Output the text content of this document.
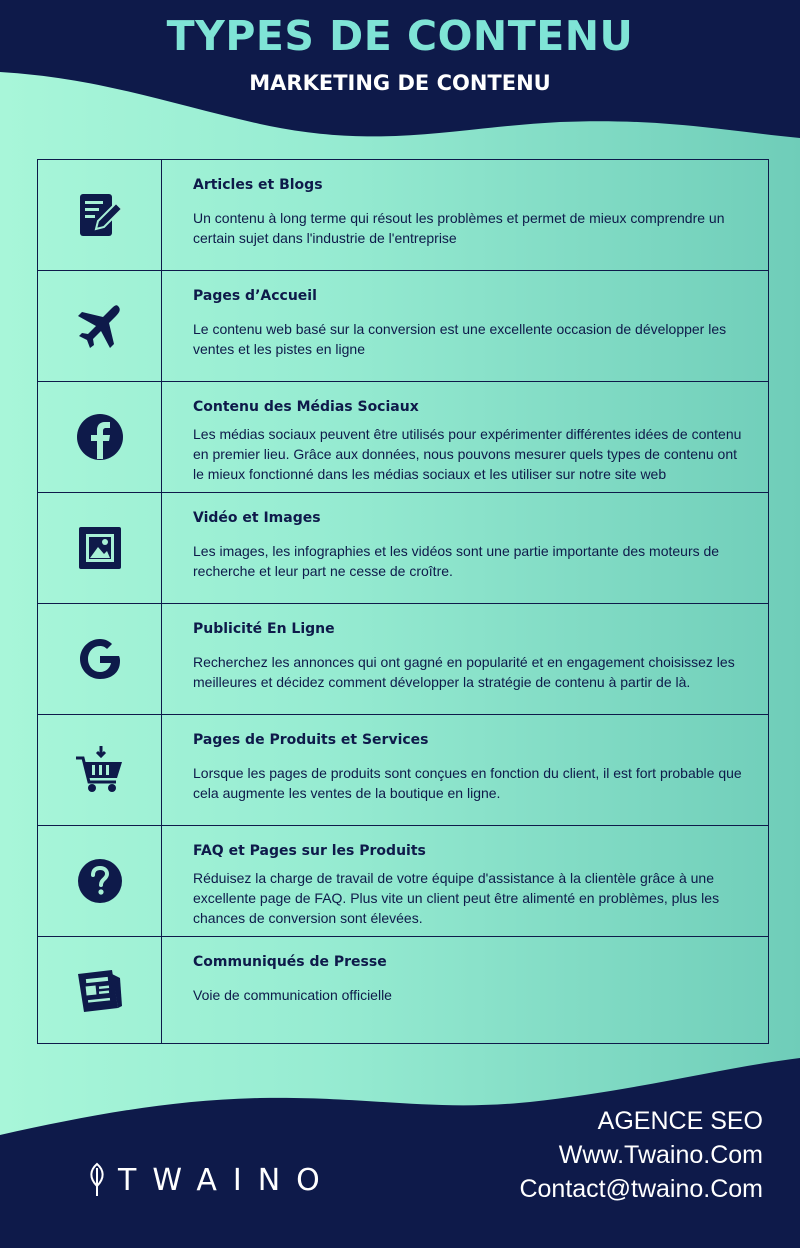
TYPES DE CONTENU
MARKETING DE CONTENU
Articles et Blogs
Un contenu à long terme qui résout les problèmes et permet de mieux comprendre un certain sujet dans l'industrie de l'entreprise
Pages d’Accueil
Le contenu web basé sur la conversion est une excellente occasion de développer les ventes et les pistes en ligne
Contenu des Médias Sociaux
Les médias sociaux peuvent être utilisés pour expérimenter différentes idées de contenu en premier lieu. Grâce aux données, nous pouvons mesurer quels types de contenu ont le mieux fonctionné dans les médias sociaux et les utiliser sur notre site web
Vidéo et Images
Les images, les infographies et les vidéos sont une partie importante des moteurs de recherche et leur part ne cesse de croître.
Publicité En Ligne
Recherchez les annonces qui ont gagné en popularité et en engagement choisissez les meilleures et décidez comment développer la stratégie de contenu à partir de là.
Pages de Produits et Services
Lorsque les pages de produits sont conçues en fonction du client, il est fort probable que cela augmente les ventes de la boutique en ligne.
FAQ et Pages sur les Produits
Réduisez la charge de travail de votre équipe d'assistance à la clientèle grâce à une excellente page de FAQ. Plus vite un client peut être alimenté en problèmes, plus les chances de conversion sont élevées.
Communiqués de Presse
Voie de communication officielle
TWAINO
AGENCE SEO
Www.Twaino.Com
Contact@twaino.Com
